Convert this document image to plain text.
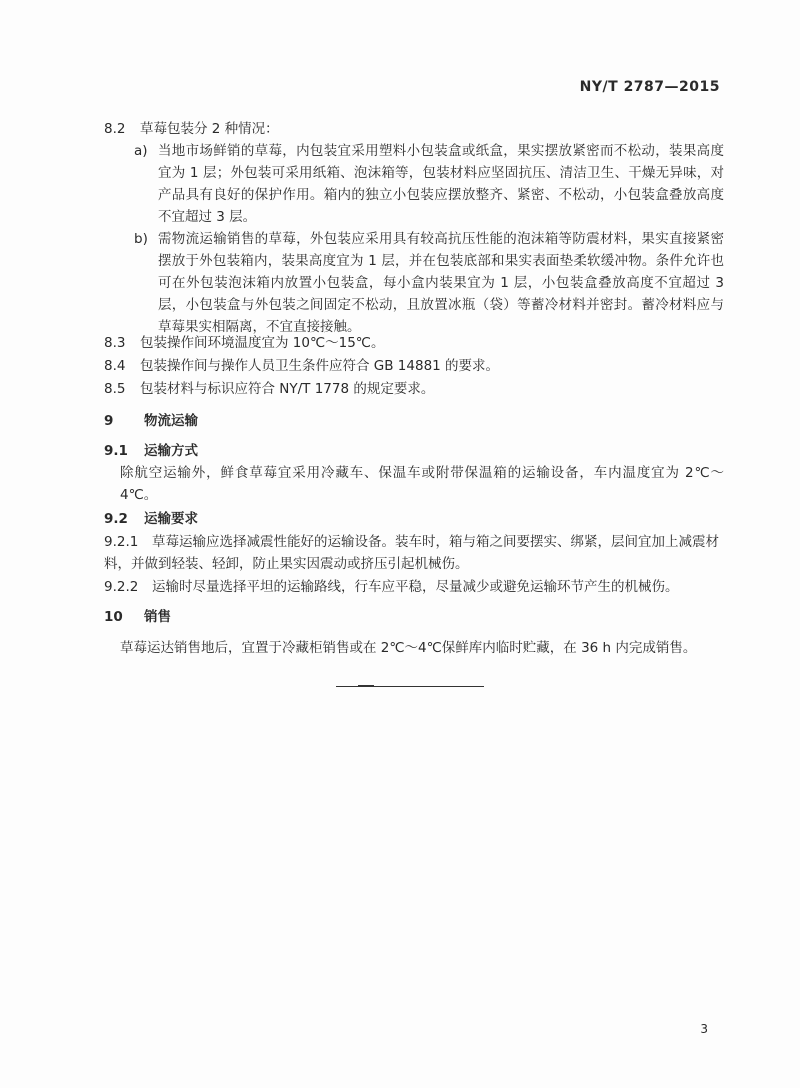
NY/T 2787—2015
8.2 草莓包装分 2 种情况：
a) 当地市场鲜销的草莓，内包装宜采用塑料小包装盒或纸盒，果实摆放紧密而不松动，装果高度宜为 1 层；外包装可采用纸箱、泡沫箱等，包装材料应坚固抗压、清洁卫生、干燥无异味，对产品具有良好的保护作用。箱内的独立小包装应摆放整齐、紧密、不松动，小包装盒叠放高度不宜超过 3 层。
b) 需物流运输销售的草莓，外包装应采用具有较高抗压性能的泡沫箱等防震材料，果实直接紧密摆放于外包装箱内，装果高度宜为 1 层，并在包装底部和果实表面垫柔软缓冲物。条件允许也可在外包装泡沫箱内放置小包装盒，每小盒内装果宜为 1 层，小包装盒叠放高度不宜超过 3 层，小包装盒与外包装之间固定不松动，且放置冰瓶（袋）等蓄冷材料并密封。蓄冷材料应与草莓果实相隔离，不宜直接接触。
8.3 包装操作间环境温度宜为 10℃～15℃。
8.4 包装操作间与操作人员卫生条件应符合 GB 14881 的要求。
8.5 包装材料与标识应符合 NY/T 1778 的规定要求。
9 物流运输
9.1 运输方式
除航空运输外，鲜食草莓宜采用冷藏车、保温车或附带保温箱的运输设备，车内温度宜为 2℃～4℃。
9.2 运输要求
9.2.1 草莓运输应选择减震性能好的运输设备。装车时，箱与箱之间要摆实、绑紧，层间宜加上减震材料，并做到轻装、轻卸，防止果实因震动或挤压引起机械伤。
9.2.2 运输时尽量选择平坦的运输路线，行车应平稳，尽量减少或避免运输环节产生的机械伤。
10 销售
草莓运达销售地后，宜置于冷藏柜销售或在 2℃～4℃保鲜库内临时贮藏，在 36 h 内完成销售。
3
